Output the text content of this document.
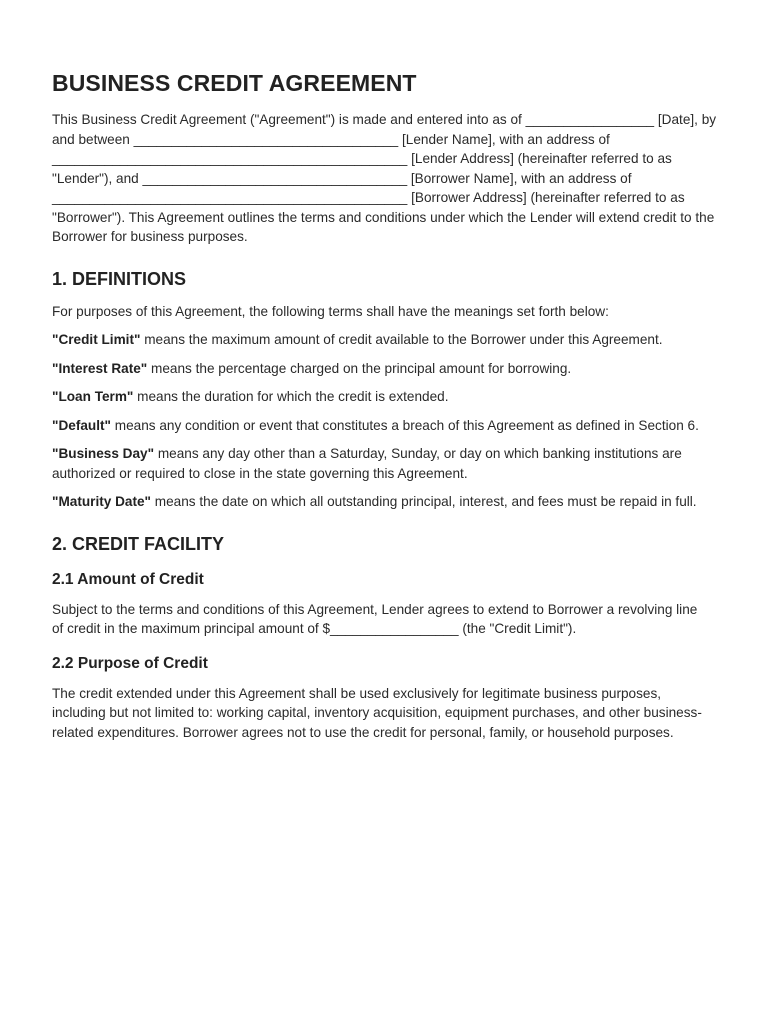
BUSINESS CREDIT AGREEMENT

This Business Credit Agreement ("Agreement") is made and entered into as of _________________ [Date], by and between ___________________________________ [Lender Name], with an address of _______________________________________________ [Lender Address] (hereinafter referred to as "Lender"), and ___________________________________ [Borrower Name], with an address of _______________________________________________ [Borrower Address] (hereinafter referred to as "Borrower"). This Agreement outlines the terms and conditions under which the Lender will extend credit to the Borrower for business purposes.

1. DEFINITIONS

For purposes of this Agreement, the following terms shall have the meanings set forth below:

"Credit Limit" means the maximum amount of credit available to the Borrower under this Agreement.

"Interest Rate" means the percentage charged on the principal amount for borrowing.

"Loan Term" means the duration for which the credit is extended.

"Default" means any condition or event that constitutes a breach of this Agreement as defined in Section 6.

"Business Day" means any day other than a Saturday, Sunday, or day on which banking institutions are authorized or required to close in the state governing this Agreement.

"Maturity Date" means the date on which all outstanding principal, interest, and fees must be repaid in full.

2. CREDIT FACILITY
2.1 Amount of Credit

Subject to the terms and conditions of this Agreement, Lender agrees to extend to Borrower a revolving line of credit in the maximum principal amount of $_________________ (the "Credit Limit").

2.2 Purpose of Credit

The credit extended under this Agreement shall be used exclusively for legitimate business purposes, including but not limited to: working capital, inventory acquisition, equipment purchases, and other business-related expenditures. Borrower agrees not to use the credit for personal, family, or household purposes.
